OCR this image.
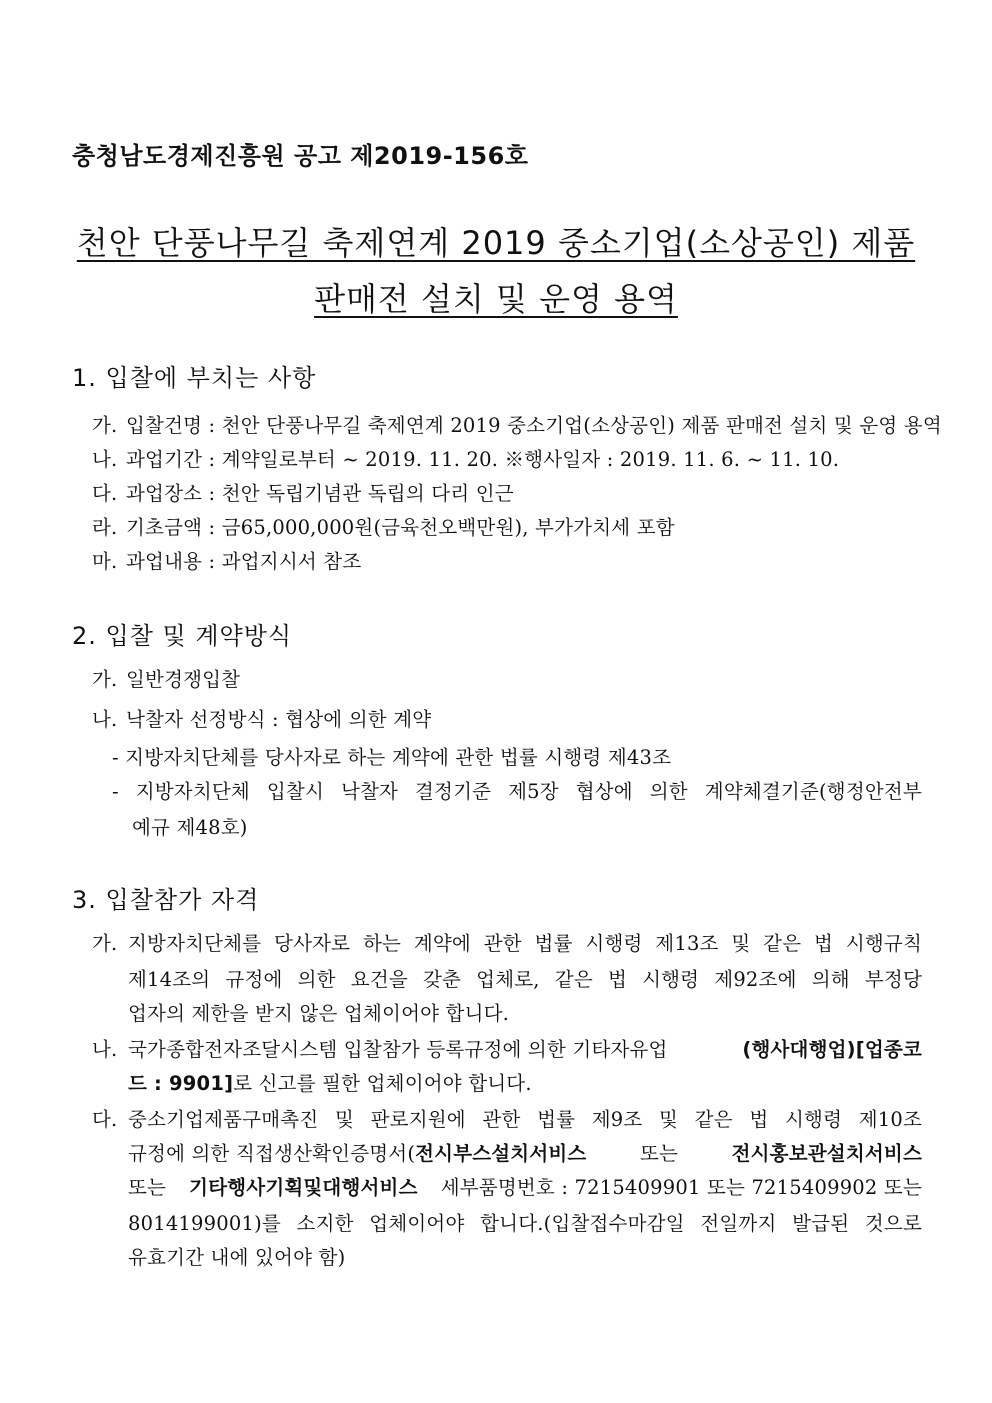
충청남도경제진흥원 공고 제2019-156호
천안 단풍나무길 축제연계 2019 중소기업(소상공인) 제품
판매전 설치 및 운영 용역
1. 입찰에 부치는 사항
가. 입찰건명 : 천안 단풍나무길 축제연계 2019 중소기업(소상공인) 제품 판매전 설치 및 운영 용역
나. 과업기간 : 계약일로부터 ~ 2019. 11. 20. ※행사일자 : 2019. 11. 6. ~ 11. 10.
다. 과업장소 : 천안 독립기념관 독립의 다리 인근
라. 기초금액 : 금65,000,000원(금육천오백만원), 부가가치세 포함
마. 과업내용 : 과업지시서 참조
2. 입찰 및 계약방식
가. 일반경쟁입찰
나. 낙찰자 선정방식 : 협상에 의한 계약
- 지방자치단체를 당사자로 하는 계약에 관한 법률 시행령 제43조
- 지방자치단체 입찰시 낙찰자 결정기준 제5장 협상에 의한 계약체결기준(행정안전부
예규 제48호)
3. 입찰참가 자격
가. 지방자치단체를 당사자로 하는 계약에 관한 법률 시행령 제13조 및 같은 법 시행규칙
제14조의 규정에 의한 요건을 갖춘 업체로, 같은 법 시행령 제92조에 의해 부정당
업자의 제한을 받지 않은 업체이어야 합니다.
나. 국가종합전자조달시스템 입찰참가 등록규정에 의한 기타자유업	(행사대행업)[업종코
드 : 9901]로 신고를 필한 업체이어야 합니다.
다. 중소기업제품구매촉진 및 판로지원에 관한 법률 제9조 및 같은 법 시행령 제10조
규정에 의한 직접생산확인증명서(전시부스설치서비스	또는	전시홍보관설치서비스
또는 기타행사기획및대행서비스 세부품명번호 : 7215409901 또는 7215409902 또는
8014199001)를 소지한 업체이어야 합니다.(입찰접수마감일 전일까지 발급된 것으로
유효기간 내에 있어야 함)
